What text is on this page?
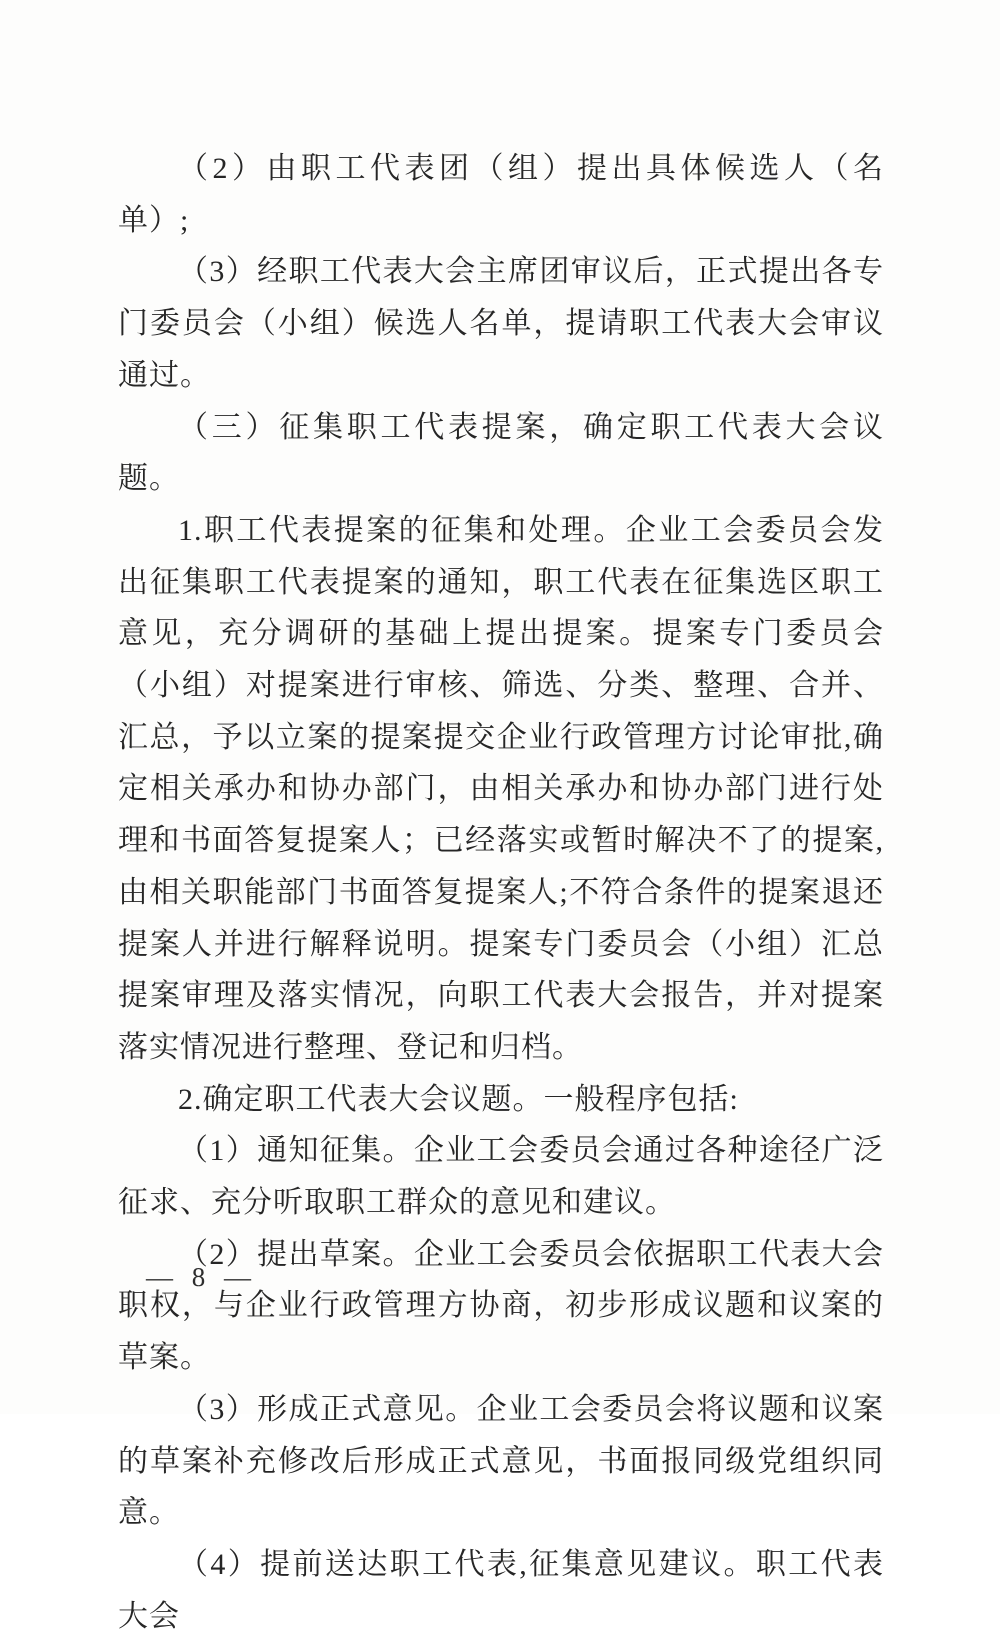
（2）由职工代表团（组）提出具体候选人（名单）;

（3）经职工代表大会主席团审议后，正式提出各专门委员会（小组）候选人名单，提请职工代表大会审议通过。

（三）征集职工代表提案，确定职工代表大会议题。

1.职工代表提案的征集和处理。企业工会委员会发出征集职工代表提案的通知，职工代表在征集选区职工意见，充分调研的基础上提出提案。提案专门委员会（小组）对提案进行审核、筛选、分类、整理、合并、汇总，予以立案的提案提交企业行政管理方讨论审批,确定相关承办和协办部门，由相关承办和协办部门进行处理和书面答复提案人；已经落实或暂时解决不了的提案,由相关职能部门书面答复提案人;不符合条件的提案退还提案人并进行解释说明。提案专门委员会（小组）汇总提案审理及落实情况，向职工代表大会报告，并对提案落实情况进行整理、登记和归档。

2.确定职工代表大会议题。一般程序包括:

（1）通知征集。企业工会委员会通过各种途径广泛征求、充分听取职工群众的意见和建议。

（2）提出草案。企业工会委员会依据职工代表大会职权，与企业行政管理方协商，初步形成议题和议案的草案。

（3）形成正式意见。企业工会委员会将议题和议案的草案补充修改后形成正式意见，书面报同级党组织同意。

（4）提前送达职工代表,征集意见建议。职工代表大会

— 8 —
